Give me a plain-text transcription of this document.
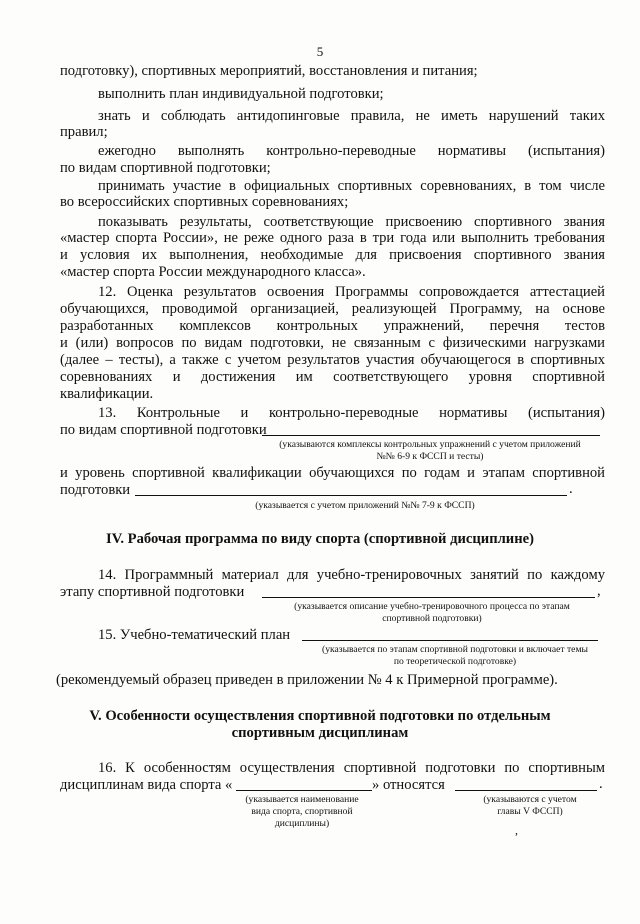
5
подготовку), спортивных мероприятий, восстановления и питания;
выполнить план индивидуальной подготовки;
знать и соблюдать антидопинговые правила, не иметь нарушений таких
правил;
ежегодно выполнять контрольно-переводные нормативы (испытания)
по видам спортивной подготовки;
принимать участие в официальных спортивных соревнованиях, в том числе
во всероссийских спортивных соревнованиях;
показывать результаты, соответствующие присвоению спортивного звания
«мастер спорта России», не реже одного раза в три года или выполнить требования
и условия их выполнения, необходимые для присвоения спортивного звания
«мастер спорта России международного класса».
12. Оценка результатов освоения Программы сопровождается аттестацией
обучающихся, проводимой организацией, реализующей Программу, на основе
разработанных комплексов контрольных упражнений, перечня тестов
и (или) вопросов по видам подготовки, не связанным с физическими нагрузками
(далее – тесты), а также с учетом результатов участия обучающегося в спортивных
соревнованиях и достижения им соответствующего уровня спортивной
квалификации.
13. Контрольные и контрольно-переводные нормативы (испытания)
по видам спортивной подготовки
(указываются комплексы контрольных упражнений с учетом приложений
№№ 6-9 к ФССП и тесты)
и уровень спортивной квалификации обучающихся по годам и этапам спортивной
подготовки	.
(указывается с учетом приложений №№ 7-9 к ФССП)
IV. Рабочая программа по виду спорта (спортивной дисциплине)
14. Программный материал для учебно-тренировочных занятий по каждому
этапу спортивной подготовки	,
(указывается описание учебно-тренировочного процесса по этапам
спортивной подготовки)
15. Учебно-тематический план
(указывается по этапам спортивной подготовки и включает темы
по теоретической подготовке)
(рекомендуемый образец приведен в приложении № 4 к Примерной программе).
V. Особенности осуществления спортивной подготовки по отдельным
спортивным дисциплинам
16. К особенностям осуществления спортивной подготовки по спортивным
дисциплинам вида спорта «	» относятся	.
(указывается наименование
вида спорта, спортивной
дисциплины)
(указываются с учетом
главы V ФССП)
,
